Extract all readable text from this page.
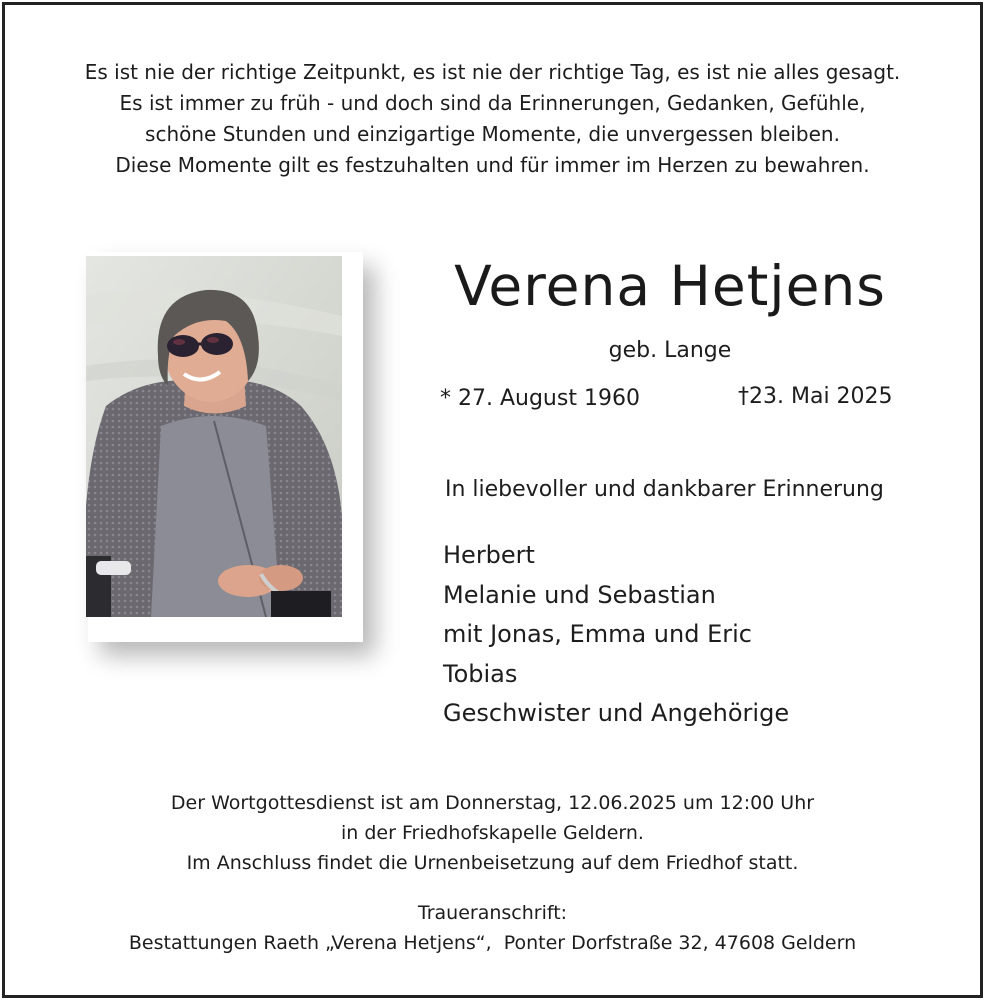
Es ist nie der richtige Zeitpunkt, es ist nie der richtige Tag, es ist nie alles gesagt.
Es ist immer zu früh - und doch sind da Erinnerungen, Gedanken, Gefühle,
schöne Stunden und einzigartige Momente, die unvergessen bleiben.
Diese Momente gilt es festzuhalten und für immer im Herzen zu bewahren.
Verena Hetjens
geb. Lange
* 27. August 1960	†23. Mai 2025
In liebevoller und dankbarer Erinnerung
Herbert
Melanie und Sebastian
mit Jonas, Emma und Eric
Tobias
Geschwister und Angehörige
Der Wortgottesdienst ist am Donnerstag, 12.06.2025 um 12:00 Uhr
in der Friedhofskapelle Geldern.
Im Anschluss findet die Urnenbeisetzung auf dem Friedhof statt.
Traueranschrift:
Bestattungen Raeth „Verena Hetjens“,  Ponter Dorfstraße 32, 47608 Geldern
